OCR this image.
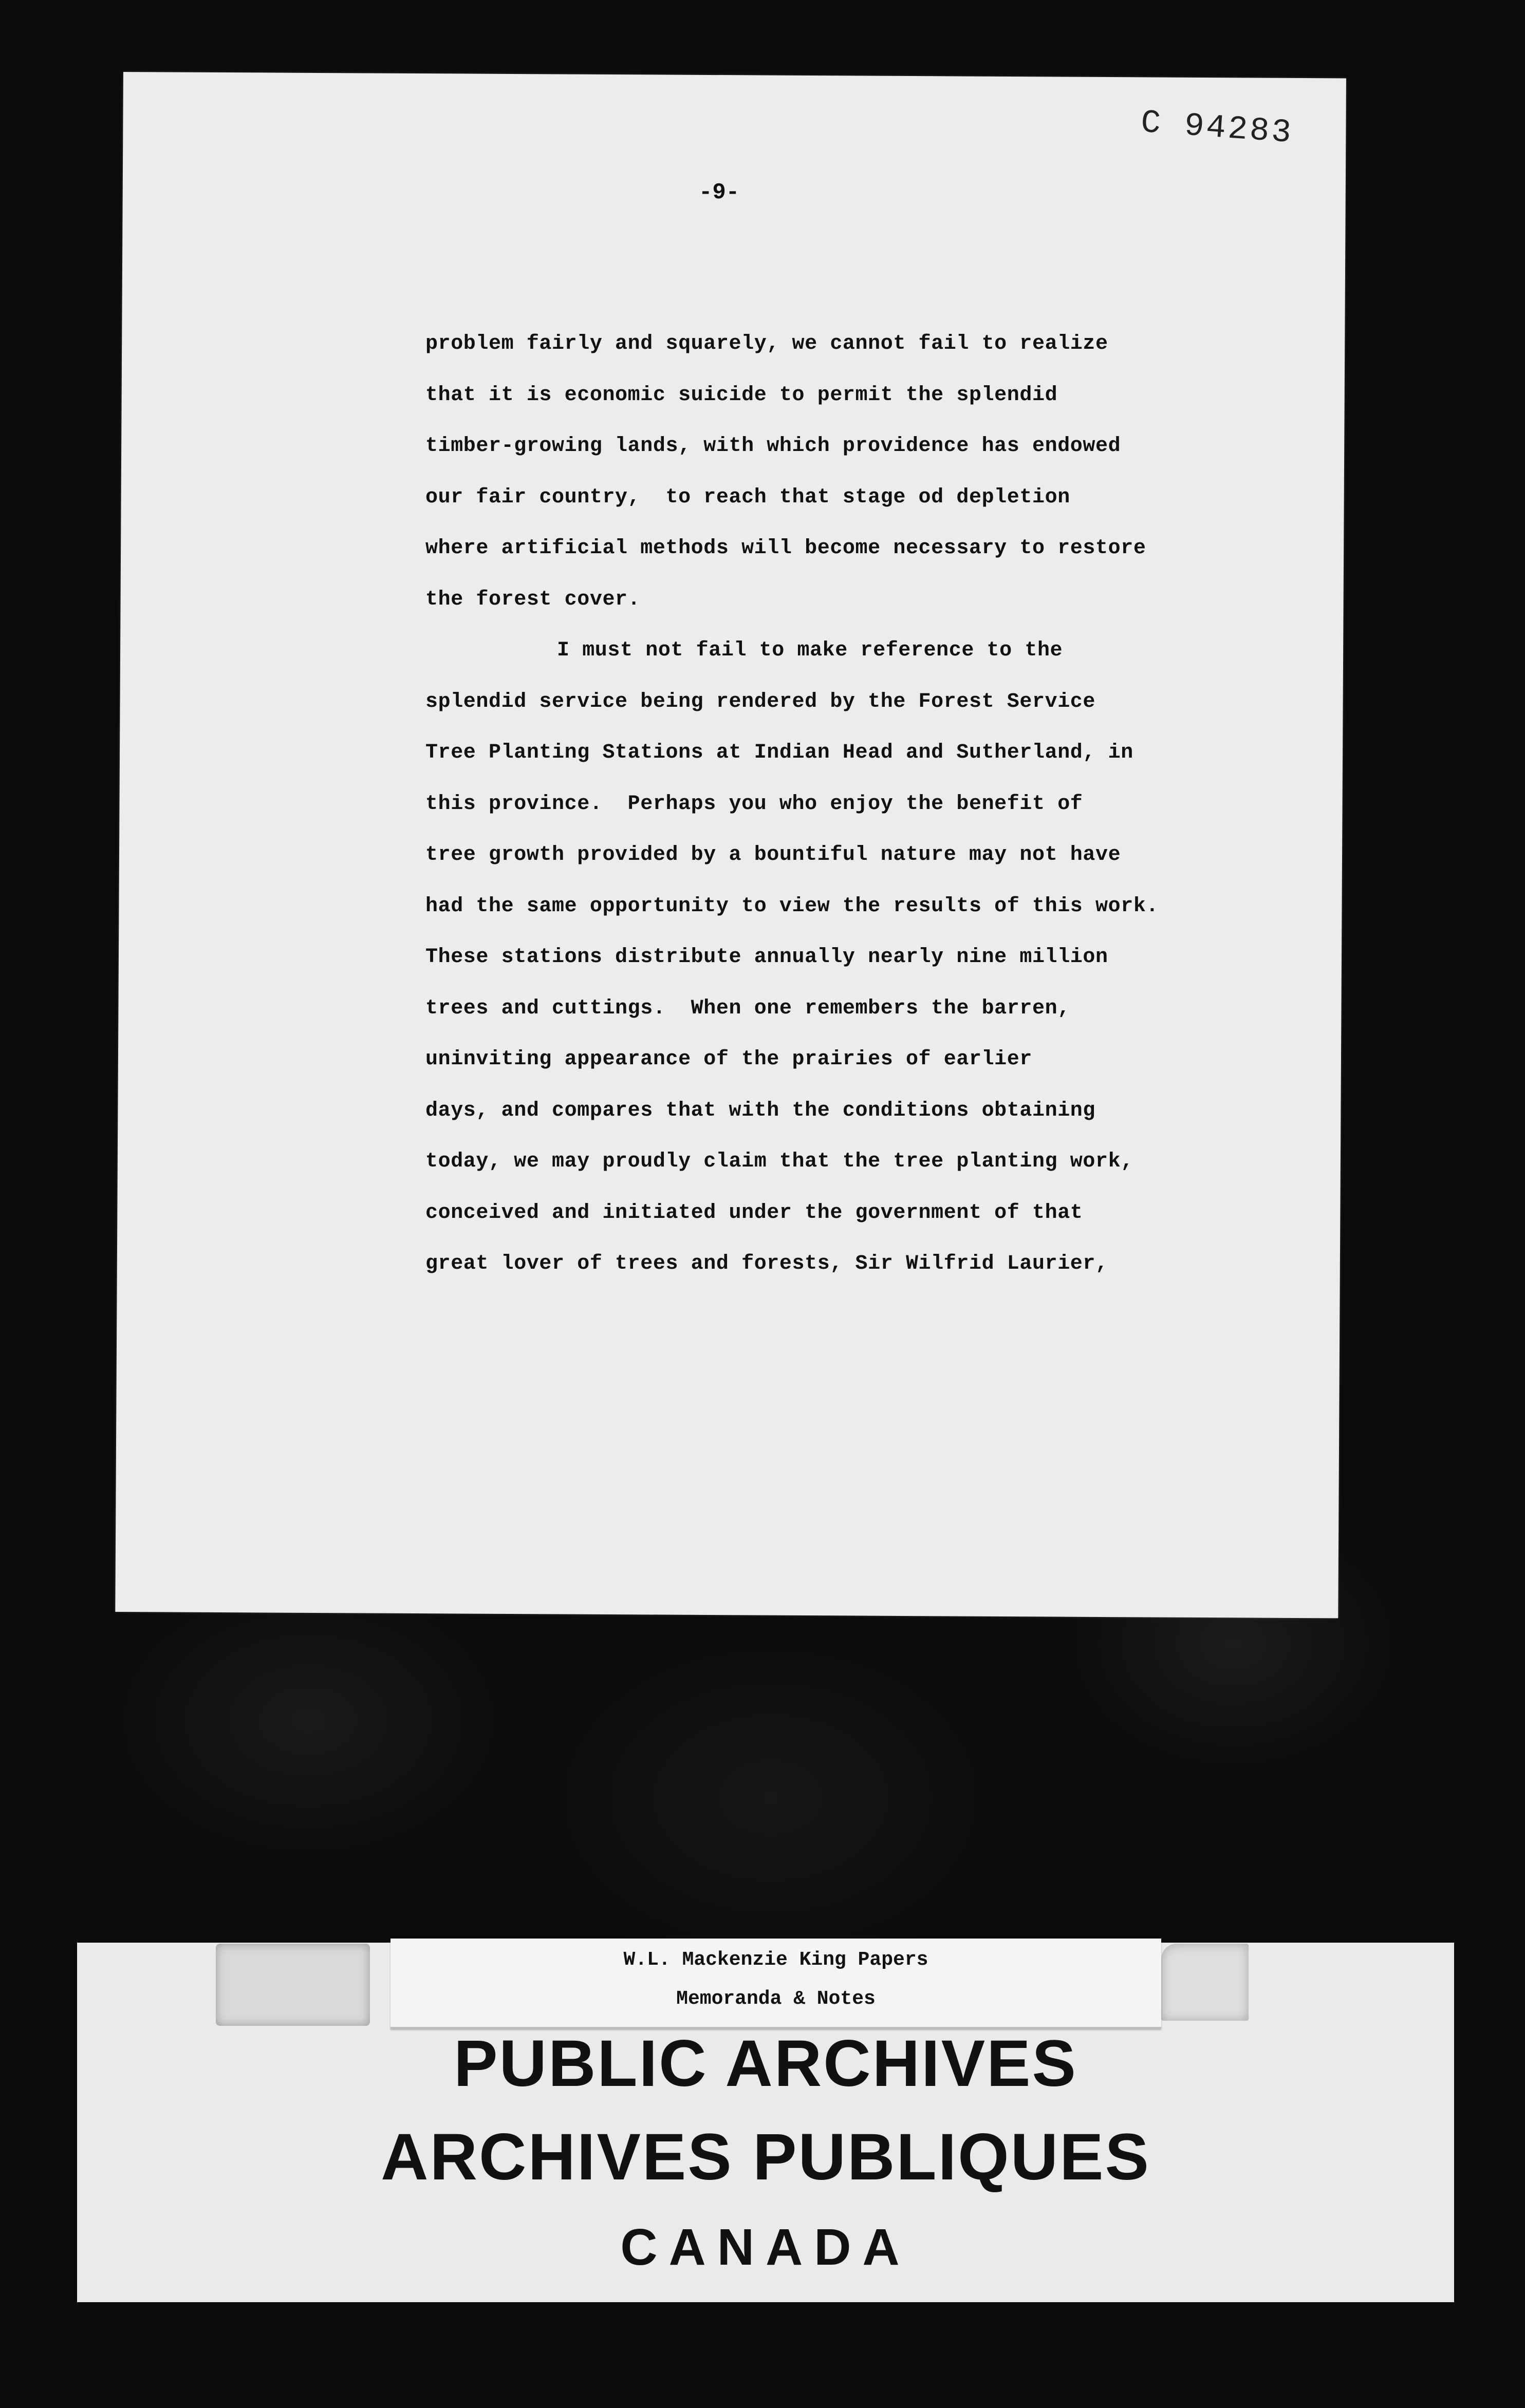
C 94283
-9-
problem fairly and squarely, we cannot fail to realize
that it is economic suicide to permit the splendid
timber-growing lands, with which providence has endowed
our fair country,  to reach that stage od depletion
where artificial methods will become necessary to restore
the forest cover.
I must not fail to make reference to the
splendid service being rendered by the Forest Service
Tree Planting Stations at Indian Head and Sutherland, in
this province.  Perhaps you who enjoy the benefit of
tree growth provided by a bountiful nature may not have
had the same opportunity to view the results of this work.
These stations distribute annually nearly nine million
trees and cuttings.  When one remembers the barren,
uninviting appearance of the prairies of earlier
days, and compares that with the conditions obtaining
today, we may proudly claim that the tree planting work,
conceived and initiated under the government of that
great lover of trees and forests, Sir Wilfrid Laurier,
W.L. Mackenzie King Papers
Memoranda & Notes
PUBLIC ARCHIVES
ARCHIVES PUBLIQUES
CANADA
